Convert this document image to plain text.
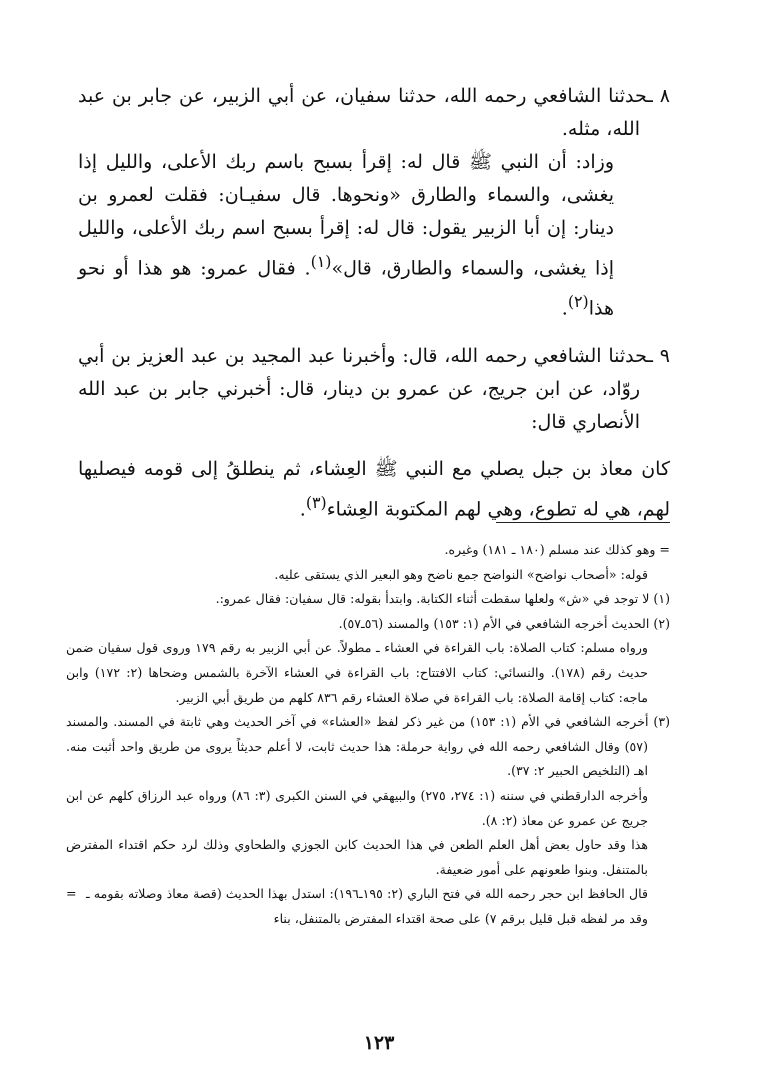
٨ ـحدثنا الشافعي رحمه الله، حدثنا سفيان، عن أبي الزبير، عن جابر بن عبد الله، مثله.

وزاد: أن النبي ﷺ قال له: إقرأ بسبح باسم ربك الأعلى، والليل إذا يغشى، والسماء والطارق «ونحوها. قال سفيـان: فقلت لعمرو بن دينار: إن أبا الزبير يقول: قال له: إقرأ بسبح اسم ربك الأعلى، والليل إذا يغشى، والسماء والطارق، قال»$^{(١)}$. فقال عمرو: هو هذا أو نحو هذا$^{(٢)}$.

٩ ـحدثنا الشافعي رحمه الله، قال: وأخبرنا عبد المجيد بن عبد العزيز بن أبي روّاد، عن ابن جريج، عن عمرو بن دينار، قال: أخبرني جابر بن عبد الله الأنصاري قال:

كان معاذ بن جبل يصلي مع النبي ﷺ العِشاء، ثم ينطلقُ إلى قومه فيصليها لهم، هي له تطوع، وهي لهم المكتوبة العِشاء$^{(٣)}$.

= وهو كذلك عند مسلم (١٨٠ ـ ١٨١) وغيره.

قوله: «أصحاب نواضح» النواضح جمع ناضح وهو البعير الذي يستقى عليه.

(١) لا توجد في «ش» ولعلها سقطت أثناء الكتابة. وابتدأ بقوله: قال سفيان: فقال عمرو:.

(٢) الحديث أخرجه الشافعي في الأم (١: ١٥٣) والمسند (٥٦ـ٥٧).

ورواه مسلم: كتاب الصلاة: باب القراءة في العشاء ـ مطولاً. عن أبي الزبير به رقم ١٧٩ وروى قول سفيان ضمن حديث رقم (١٧٨). والنسائي: كتاب الافتتاح: باب القراءة في العشاء الآخرة بالشمس وضحاها (٢: ١٧٢) وابن ماجه: كتاب إقامة الصلاة: باب القراءة في صلاة العشاء رقم ٨٣٦ كلهم من طريق أبي الزبير.

(٣) أخرجه الشافعي في الأم (١: ١٥٣) من غير ذكر لفظ «العشاء» في آخر الحديث وهي ثابتة في المسند. والمسند (٥٧) وقال الشافعي رحمه الله في رواية حرملة: هذا حديث ثابت، لا أعلم حديثاً يروى من طريق واحد أثبت منه. اهـ (التلخيص الحبير ٢: ٣٧).

وأخرجه الدارقطني في سننه (١: ٢٧٤، ٢٧٥) والبيهقي في السنن الكبرى (٣: ٨٦) ورواه عبد الرزاق كلهم عن ابن جريج عن عمرو عن معاذ (٢: ٨).

هذا وقد حاول بعض أهل العلم الطعن في هذا الحديث كابن الجوزي والطحاوي وذلك لرد حكم اقتداء المفترض بالمتنفل. وبنوا طعونهم على أمور ضعيفة.

قال الحافظ ابن حجر رحمه الله في فتح الباري (٢: ١٩٥ـ١٩٦): استدل بهذا الحديث (قصة معاذ وصلاته بقومه ـ وقد مر لفظه قبل قليل برقم ٧) على صحة اقتداء المفترض بالمتنفل، بناء
=

١٢٣
